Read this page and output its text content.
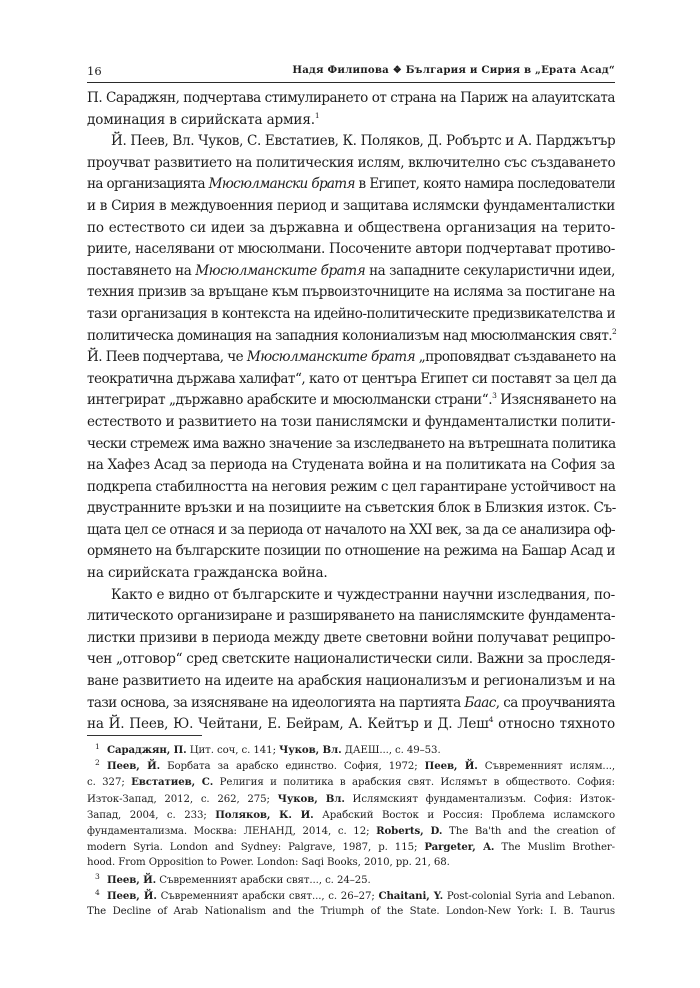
16	Надя Филипова ❖ България и Сирия в „Ерата Асад“
П. Сараджян, подчертава стимулирането от страна на Париж на алауитската
доминация в сирийската армия.$^1$
Й. Пеев, Вл. Чуков, С. Евстатиев, К. Поляков, Д. Робъртс и А. Парджътър
проучват развитието на политическия ислям, включително със създаването
на организацията Мюсюлмански братя в Египет, която намира последователи
и в Сирия в междувоенния период и защитава ислямски фундаменталистки
по естеството си идеи за държавна и обществена организация на терито-
риите, населявани от мюсюлмани. Посочените автори подчертават противо-
поставянето на Мюсюлманските братя на западните секуларистични идеи,
техния призив за връщане към първоизточниците на исляма за постигане на
тази организация в контекста на идейно-политическите предизвикателства и
политическа доминация на западния колониализъм над мюсюлманския свят.$^2$
Й. Пеев подчертава, че Мюсюлманските братя „проповядват създаването на
теократична държава халифат“, като от центъра Египет си поставят за цел да
интегрират „държавно арабските и мюсюлмански страни“.$^3$ Изясняването на
естеството и развитието на този панислямски и фундаменталистки полити-
чески стремеж има важно значение за изследването на вътрешната политика
на Хафез Асад за периода на Студената война и на политиката на София за
подкрепа стабилността на неговия режим с цел гарантиране устойчивост на
двустранните връзки и на позициите на съветския блок в Близкия изток. Съ-
щата цел се отнася и за периода от началото на XXI век, за да се анализира оф-
ормянето на българските позиции по отношение на режима на Башар Асад и
на сирийската гражданска война.
Както е видно от българските и чуждестранни научни изследвания, по-
литическото организиране и разширяването на панислямските фундамента-
листки призиви в периода между двете световни войни получават реципро-
чен „отговор“ сред светските националистически сили. Важни за проследя-
ване развитието на идеите на арабския национализъм и регионализъм и на
тази основа, за изясняване на идеологията на партията Баас, са проучванията
на Й. Пеев, Ю. Чейтани, Е. Бейрам, А. Кейтър и Д. Леш$^4$ относно тяхното
1 Сараджян, П. Цит. соч, с. 141; Чуков, Вл. ДАЕШ..., с. 49–53.
2 Пеев, Й. Борбата за арабско единство. София, 1972; Пеев, Й. Съвременният ислям...,
с. 327; Евстатиев, С. Религия и политика в арабския свят. Ислямът в обществото. София:
Изток-Запад, 2012, с. 262, 275; Чуков, Вл. Ислямският фундаментализъм. София: Изток-
Запад, 2004, с. 233; Поляков, К. И. Арабский Восток и Россия: Проблема исламского
фундаментализма. Москва: ЛЕНАНД, 2014, с. 12; Roberts, D. The Ba'th and the creation of
modern Syria. London and Sydney: Palgrave, 1987, p. 115; Pargeter, A. The Muslim Brother-
hood. From Opposition to Power. London: Saqi Books, 2010, pp. 21, 68.
3 Пеев, Й. Съвременният арабски свят..., с. 24–25.
4 Пеев, Й. Съвременният арабски свят..., с. 26–27; Chaitani, Y. Post-colonial Syria and Lebanon.
The Decline of Arab Nationalism and the Triumph of the State. London-New York: I. B. Taurus
